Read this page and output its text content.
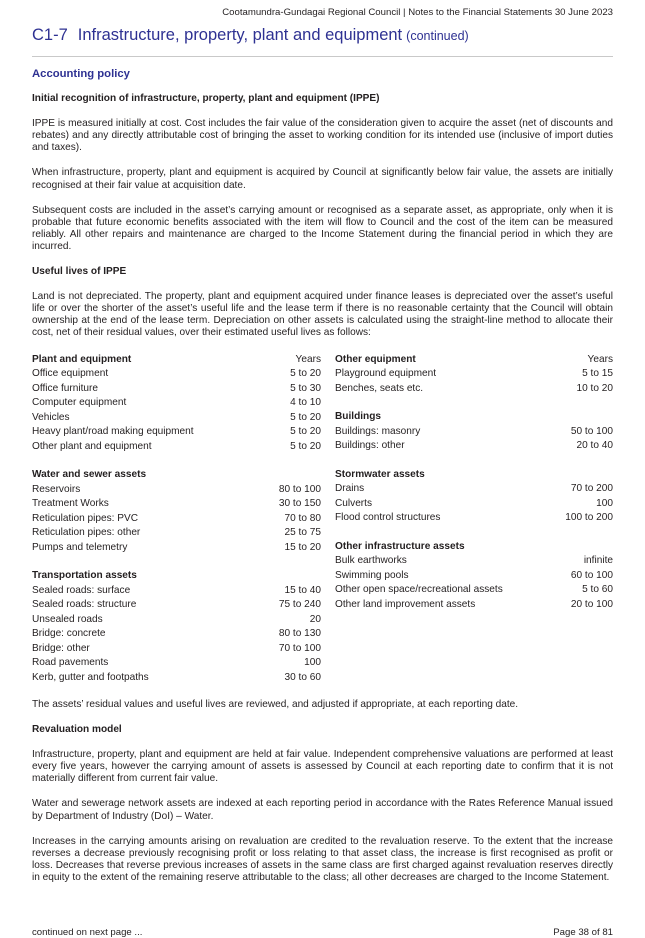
Cootamundra-Gundagai Regional Council | Notes to the Financial Statements 30 June 2023
C1-7 Infrastructure, property, plant and equipment (continued)
Accounting policy
Initial recognition of infrastructure, property, plant and equipment (IPPE)

IPPE is measured initially at cost. Cost includes the fair value of the consideration given to acquire the asset (net of discounts and rebates) and any directly attributable cost of bringing the asset to working condition for its intended use (inclusive of import duties and taxes).

When infrastructure, property, plant and equipment is acquired by Council at significantly below fair value, the assets are initially recognised at their fair value at acquisition date.

Subsequent costs are included in the asset’s carrying amount or recognised as a separate asset, as appropriate, only when it is probable that future economic benefits associated with the item will flow to Council and the cost of the item can be measured reliably. All other repairs and maintenance are charged to the Income Statement during the financial period in which they are incurred.

Useful lives of IPPE

Land is not depreciated. The property, plant and equipment acquired under finance leases is depreciated over the asset’s useful life or over the shorter of the asset’s useful life and the lease term if there is no reasonable certainty that the Council will obtain ownership at the end of the lease term. Depreciation on other assets is calculated using the straight-line method to allocate their cost, net of their residual values, over their estimated useful lives as follows:

Plant and equipment	Years
Office equipment	5 to 20
Office furniture	5 to 30
Computer equipment	4 to 10
Vehicles	5 to 20
Heavy plant/road making equipment	5 to 20
Other plant and equipment	5 to 20
Water and sewer assets
Reservoirs	80 to 100
Treatment Works	30 to 150
Reticulation pipes: PVC	70 to 80
Reticulation pipes: other	25 to 75
Pumps and telemetry	15 to 20
Transportation assets
Sealed roads: surface	15 to 40
Sealed roads: structure	75 to 240
Unsealed roads	20
Bridge: concrete	80 to 130
Bridge: other	70 to 100
Road pavements	100
Kerb, gutter and footpaths	30 to 60
Other equipment	Years
Playground equipment	5 to 15
Benches, seats etc.	10 to 20
Buildings
Buildings: masonry	50 to 100
Buildings: other	20 to 40
Stormwater assets
Drains	70 to 200
Culverts	100
Flood control structures	100 to 200
Other infrastructure assets
Bulk earthworks	infinite
Swimming pools	60 to 100
Other open space/recreational assets	5 to 60
Other land improvement assets	20 to 100

The assets’ residual values and useful lives are reviewed, and adjusted if appropriate, at each reporting date.

Revaluation model

Infrastructure, property, plant and equipment are held at fair value. Independent comprehensive valuations are performed at least every five years, however the carrying amount of assets is assessed by Council at each reporting date to confirm that it is not materially different from current fair value.

Water and sewerage network assets are indexed at each reporting period in accordance with the Rates Reference Manual issued by Department of Industry (DoI) – Water.

Increases in the carrying amounts arising on revaluation are credited to the revaluation reserve. To the extent that the increase reverses a decrease previously recognising profit or loss relating to that asset class, the increase is first recognised as profit or loss. Decreases that reverse previous increases of assets in the same class are first charged against revaluation reserves directly in equity to the extent of the remaining reserve attributable to the class; all other decreases are charged to the Income Statement.

continued on next page ...	Page 38 of 81
